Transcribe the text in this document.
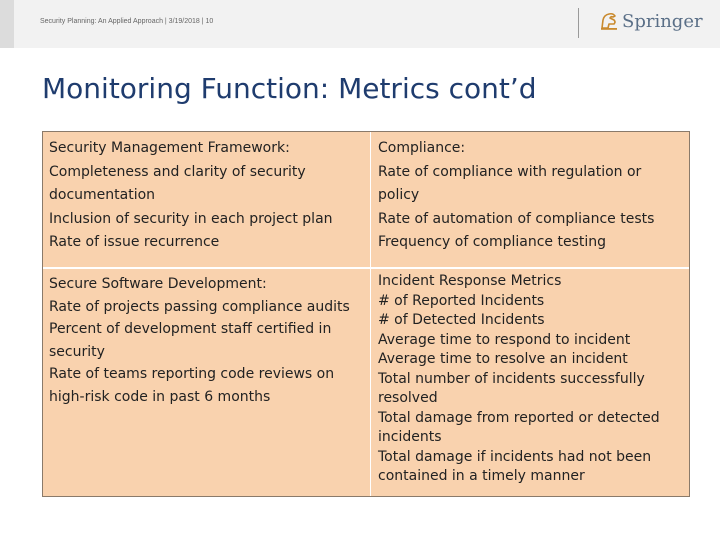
Security Planning: An Applied Approach | 3/19/2018 | 10	Springer
Monitoring Function: Metrics cont’d
Security Management Framework:
Completeness and clarity of security
documentation
Inclusion of security in each project plan
Rate of issue recurrence
Compliance:
Rate of compliance with regulation or
policy
Rate of automation of compliance tests
Frequency of compliance testing
Secure Software Development:
Rate of projects passing compliance audits
Percent of development staff certified in
security
Rate of teams reporting code reviews on
high-risk code in past 6 months
Incident Response Metrics
# of Reported Incidents
# of Detected Incidents
Average time to respond to incident
Average time to resolve an incident
Total number of incidents successfully
resolved
Total damage from reported or detected
incidents
Total damage if incidents had not been
contained in a timely manner
